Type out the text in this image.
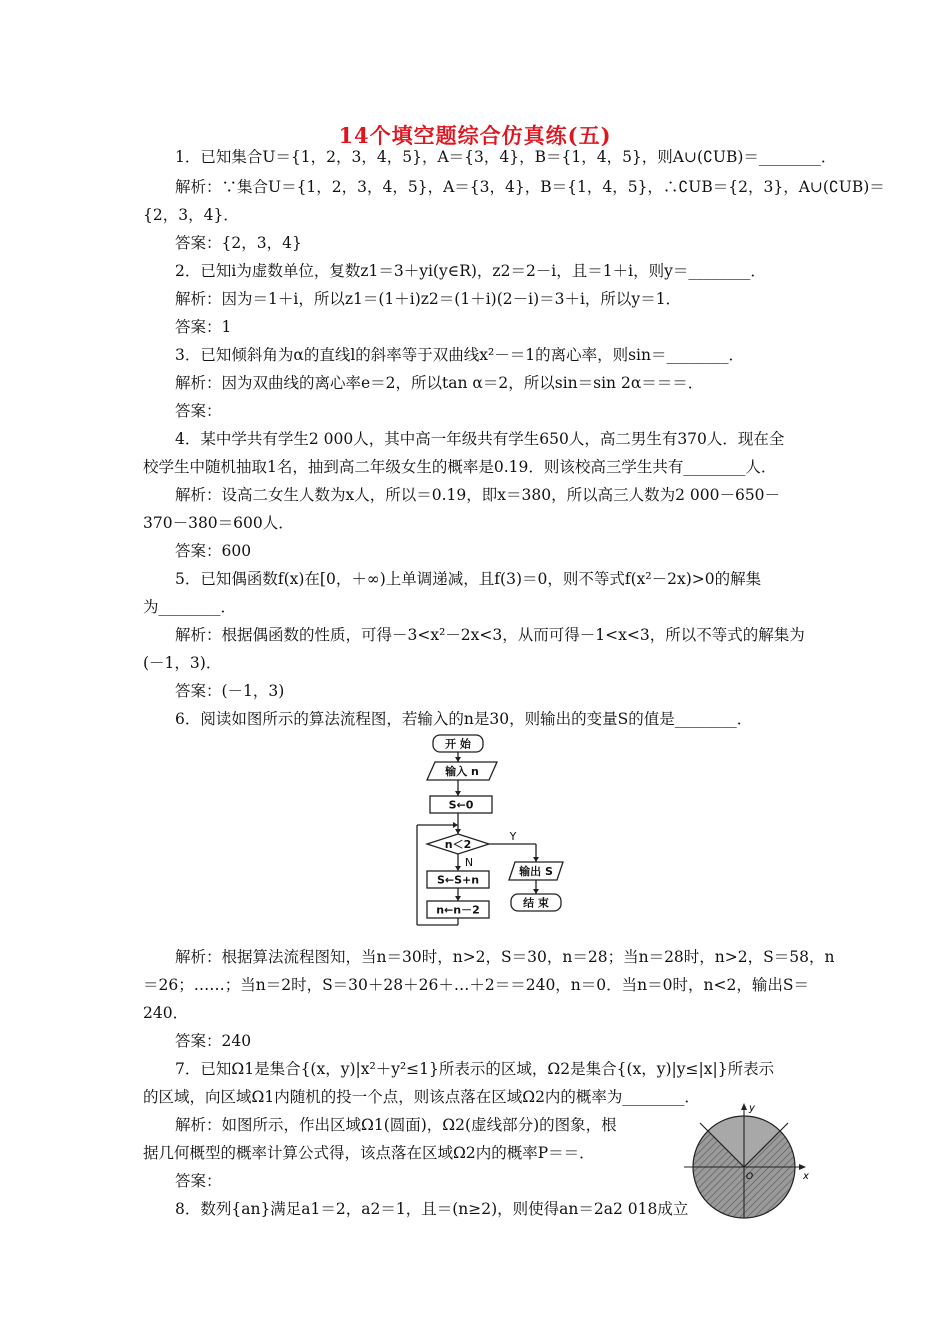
14个填空题综合仿真练(五)
1．已知集合U＝{1，2，3，4，5}，A＝{3，4}，B＝{1，4，5}，则A∪(∁UB)＝________．
解析：∵集合U＝{1，2，3，4，5}，A＝{3，4}，B＝{1，4，5}，∴∁UB＝{2，3}，A∪(∁UB)＝
{2，3，4}．
答案：{2，3，4}
2．已知i为虚数单位，复数z1＝3＋yi(y∈R)，z2＝2－i，且＝1＋i，则y＝________．
解析：因为＝1＋i，所以z1＝(1＋i)z2＝(1＋i)(2－i)＝3＋i，所以y＝1．
答案：1
3．已知倾斜角为α的直线l的斜率等于双曲线x²－＝1的离心率，则sin＝________．
解析：因为双曲线的离心率e＝2，所以tan α＝2，所以sin＝sin 2α＝＝＝．
答案：
4．某中学共有学生2 000人，其中高一年级共有学生650人，高二男生有370人．现在全
校学生中随机抽取1名，抽到高二年级女生的概率是0.19．则该校高三学生共有________人．
解析：设高二女生人数为x人，所以＝0.19，即x＝380，所以高三人数为2 000－650－
370－380＝600人．
答案：600
5．已知偶函数f(x)在[0，＋∞)上单调递减，且f(3)＝0，则不等式f(x²－2x)>0的解集
为________．
解析：根据偶函数的性质，可得－3<x²－2x<3，从而可得－1<x<3，所以不等式的解集为
(－1，3)．
答案：(－1，3)
6．阅读如图所示的算法流程图，若输入的n是30，则输出的变量S的值是________．
开 始
输入 n
S←0
n＜2
Y
N
S←S+n
n←n－2
输出 S
结 束
解析：根据算法流程图知，当n＝30时，n>2，S＝30，n＝28；当n＝28时，n>2，S＝58，n
＝26；……；当n＝2时，S＝30＋28＋26＋…＋2＝＝240，n＝0．当n＝0时，n<2，输出S＝
240．
答案：240
7．已知Ω1是集合{(x，y)|x²＋y²≤1}所表示的区域，Ω2是集合{(x，y)|y≤|x|}所表示
的区域，向区域Ω1内随机的投一个点，则该点落在区域Ω2内的概率为________．
解析：如图所示，作出区域Ω1(圆面)，Ω2(虚线部分)的图象，根
据几何概型的概率计算公式得，该点落在区域Ω2内的概率P＝＝．
答案：
8．数列{an}满足a1＝2，a2＝1，且＝(n≥2)，则使得an＝2a2 018成立
x
y
O
